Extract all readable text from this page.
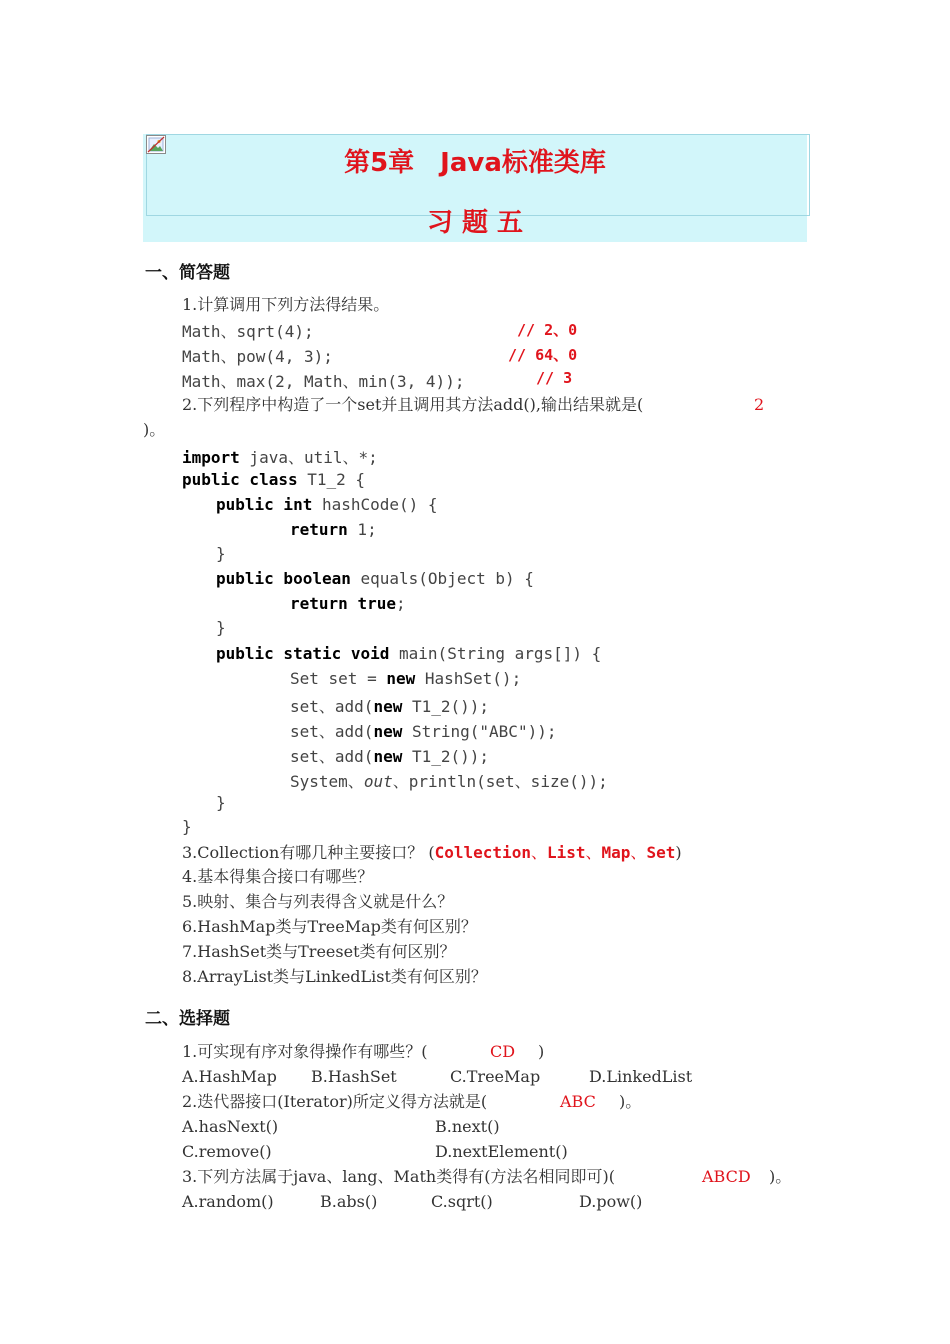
第5章　Java标准类库
习 题 五
一、简答题
1.计算调用下列方法得结果。
Math、sqrt(4);	// 2、0
Math、pow(4, 3);	// 64、0
Math、max(2, Math、min(3, 4));	// 3
2.下列程序中构造了一个set并且调用其方法add(),输出结果就是(	2
)。
import java、util、*;
public class T1_2 {
public int hashCode() {
return 1;
}
public boolean equals(Object b) {
return true;
}
public static void main(String args[]) {
Set set = new HashSet();
set、add(new T1_2());
set、add(new String("ABC"));
set、add(new T1_2());
System、out、println(set、size());
}
}
3.Collection有哪几种主要接口？ (Collection、List、Map、Set)
4.基本得集合接口有哪些？
5.映射、集合与列表得含义就是什么？
6.HashMap类与TreeMap类有何区别？
7.HashSet类与Treeset类有何区别？
8.ArrayList类与LinkedList类有何区别？
二、选择题
1.可实现有序对象得操作有哪些？(	CD )
A.HashMap B.HashSet	C.TreeMap	D.LinkedList
2.迭代器接口(Iterator)所定义得方法就是(	ABC )。
A.hasNext()	B.next()
C.remove()	D.nextElement()
3.下列方法属于java、lang、Math类得有(方法名相同即可)(	ABCD )。
A.random()	B.abs()	C.sqrt()	D.pow()
